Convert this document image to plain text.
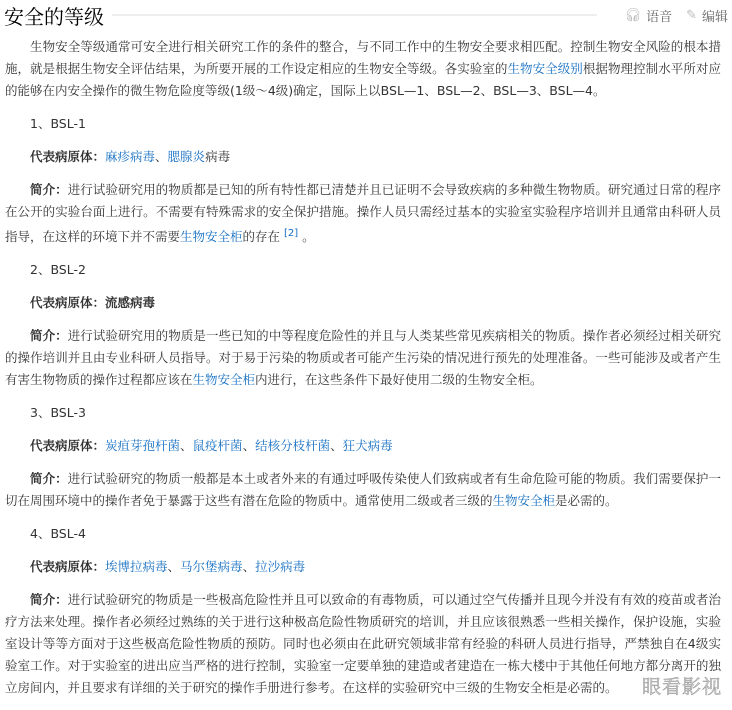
安全的等级	🎧︎ 语音 ✎ 编辑

生物安全等级通常可安全进行相关研究工作的条件的整合，与不同工作中的生物安全要求相匹配。控制生物安全风险的根本措施，就是根据生物安全评估结果，为所要开展的工作设定相应的生物安全等级。各实验室的生物安全级别根据物理控制水平所对应的能够在内安全操作的微生物危险度等级(1级～4级)确定，国际上以BSL—1、BSL—2、BSL—3、BSL—4。

1、BSL-1

代表病原体：麻疹病毒、腮腺炎病毒

简介：进行试验研究用的物质都是已知的所有特性都已清楚并且已证明不会导致疾病的多种微生物物质。研究通过日常的程序在公开的实验台面上进行。不需要有特殊需求的安全保护措施。操作人员只需经过基本的实验室实验程序培训并且通常由科研人员指导，在这样的环境下并不需要生物安全柜的存在 [2] 。

2、BSL-2

代表病原体：流感病毒

简介：进行试验研究用的物质是一些已知的中等程度危险性的并且与人类某些常见疾病相关的物质。操作者必须经过相关研究的操作培训并且由专业科研人员指导。对于易于污染的物质或者可能产生污染的情况进行预先的处理准备。一些可能涉及或者产生有害生物物质的操作过程都应该在生物安全柜内进行，在这些条件下最好使用二级的生物安全柜。

3、BSL-3

代表病原体：炭疽芽孢杆菌、鼠疫杆菌、结核分枝杆菌、狂犬病毒

简介：进行试验研究的物质一般都是本土或者外来的有通过呼吸传染使人们致病或者有生命危险可能的物质。我们需要保护一切在周围环境中的操作者免于暴露于这些有潜在危险的物质中。通常使用二级或者三级的生物安全柜是必需的。

4、BSL-4

代表病原体：埃博拉病毒、马尔堡病毒、拉沙病毒

简介：进行试验研究的物质是一些极高危险性并且可以致命的有毒物质，可以通过空气传播并且现今并没有有效的疫苗或者治疗方法来处理。操作者必须经过熟练的关于进行这种极高危险性物质研究的培训，并且应该很熟悉一些相关操作，保护设施，实验室设计等等方面对于这些极高危险性物质的预防。同时也必须由在此研究领域非常有经验的科研人员进行指导，严禁独自在4级实验室工作。对于实验室的进出应当严格的进行控制，实验室一定要单独的建造或者建造在一栋大楼中于其他任何地方都分离开的独立房间内，并且要求有详细的关于研究的操作手册进行参考。在这样的实验研究中三级的生物安全柜是必需的。	眼看影视
